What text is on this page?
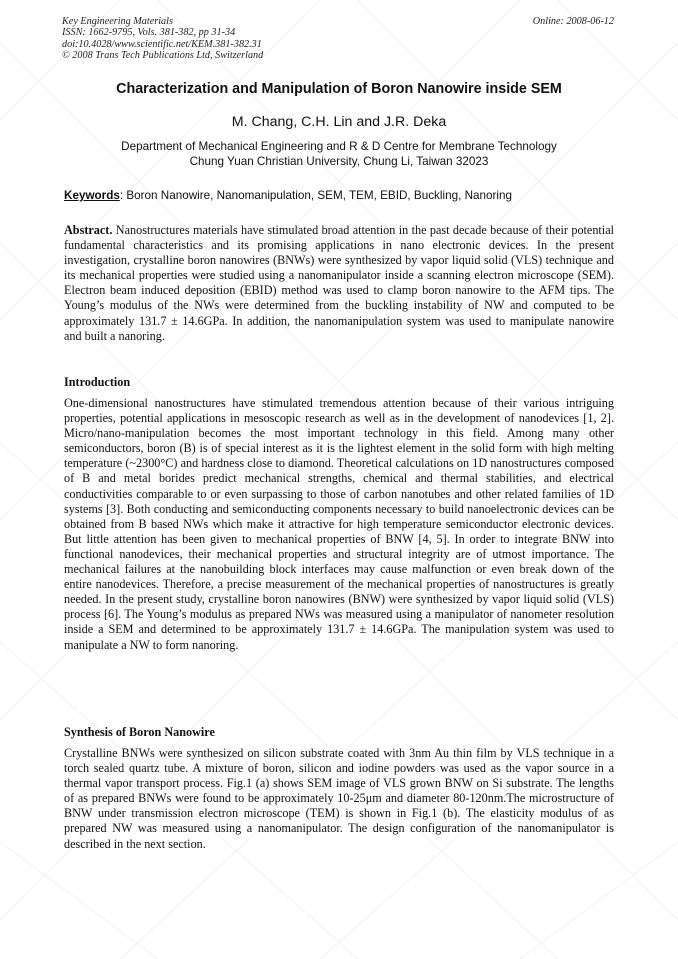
Key Engineering Materials
ISSN: 1662-9795, Vols. 381-382, pp 31-34
doi:10.4028/www.scientific.net/KEM.381-382.31
© 2008 Trans Tech Publications Ltd, Switzerland
Online: 2008-06-12
Characterization and Manipulation of Boron Nanowire inside SEM
M. Chang, C.H. Lin and J.R. Deka
Department of Mechanical Engineering and R & D Centre for Membrane Technology
Chung Yuan Christian University, Chung Li, Taiwan 32023
Keywords: Boron Nanowire, Nanomanipulation, SEM, TEM, EBID, Buckling, Nanoring

Abstract. Nanostructures materials have stimulated broad attention in the past decade because of their potential fundamental characteristics and its promising applications in nano electronic devices. In the present investigation, crystalline boron nanowires (BNWs) were synthesized by vapor liquid solid (VLS) technique and its mechanical properties were studied using a nanomanipulator inside a scanning electron microscope (SEM). Electron beam induced deposition (EBID) method was used to clamp boron nanowire to the AFM tips. The Young’s modulus of the NWs were determined from the buckling instability of NW and computed to be approximately 131.7 ± 14.6GPa. In addition, the nanomanipulation system was used to manipulate nanowire and built a nanoring.

Introduction

One-dimensional nanostructures have stimulated tremendous attention because of their various intriguing properties, potential applications in mesoscopic research as well as in the development of nanodevices [1, 2]. Micro/nano-manipulation becomes the most important technology in this field. Among many other semiconductors, boron (B) is of special interest as it is the lightest element in the solid form with high melting temperature (~2300°C) and hardness close to diamond. Theoretical calculations on 1D nanostructures composed of B and metal borides predict mechanical strengths, chemical and thermal stabilities, and electrical conductivities comparable to or even surpassing to those of carbon nanotubes and other related families of 1D systems [3]. Both conducting and semiconducting components necessary to build nanoelectronic devices can be obtained from B based NWs which make it attractive for high temperature semiconductor electronic devices. But little attention has been given to mechanical properties of BNW [4, 5]. In order to integrate BNW into functional nanodevices, their mechanical properties and structural integrity are of utmost importance. The mechanical failures at the nanobuilding block interfaces may cause malfunction or even break down of the entire nanodevices. Therefore, a precise measurement of the mechanical properties of nanostructures is greatly needed. In the present study, crystalline boron nanowires (BNW) were synthesized by vapor liquid solid (VLS) process [6]. The Young’s modulus as prepared NWs was measured using a manipulator of nanometer resolution inside a SEM and determined to be approximately 131.7 ± 14.6GPa. The manipulation system was used to manipulate a NW to form nanoring.

Synthesis of Boron Nanowire

Crystalline BNWs were synthesized on silicon substrate coated with 3nm Au thin film by VLS technique in a torch sealed quartz tube. A mixture of boron, silicon and iodine powders was used as the vapor source in a thermal vapor transport process. Fig.1 (a) shows SEM image of VLS grown BNW on Si substrate. The lengths of as prepared BNWs were found to be approximately 10-25μm and diameter 80-120nm.The microstructure of BNW under transmission electron microscope (TEM) is shown in Fig.1 (b). The elasticity modulus of as prepared NW was measured using a nanomanipulator. The design configuration of the nanomanipulator is described in the next section.
